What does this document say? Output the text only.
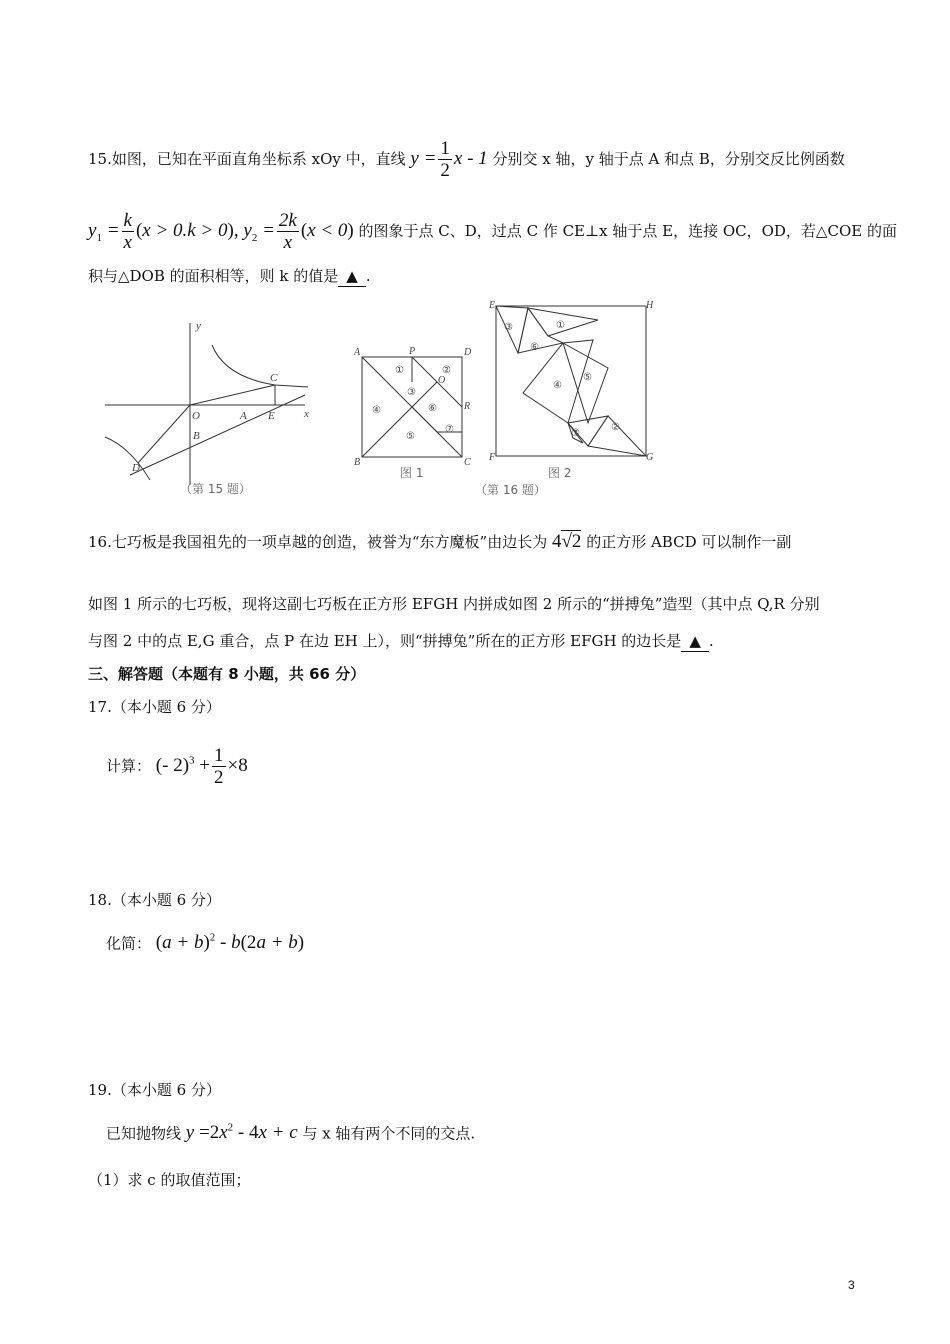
15.如图，已知在平面直角坐标系 xOy 中，直线 $y = \frac{1}{2}$ x - 1 分别交 x 轴，y 轴于点 A 和点 B，分别交反比例函数
$y_1 = \frac{k}{x} (x > 0.k > 0)$, $y_2 = \frac{2k}{x} (x < 0)$ 的图象于点 C、D，过点 C 作 CE⊥x 轴于点 E，连接 OC，OD，若△COE 的面
积与△DOB 的面积相等，则 k 的值是 ▲ .
y
x
O	A
B
C
D
E
（第 15 题）
A	P	D
O
R
B	C
①	②
③
④
⑤
⑥
⑦
图 1
E	H
F	G
①
③
⑥
④
⑤
⑦
②
图 2
（第 16 题）
16.七巧板是我国祖先的一项卓越的创造，被誉为“东方魔板”由边长为 4√2 的正方形 ABCD 可以制作一副
如图 1 所示的七巧板，现将这副七巧板在正方形 EFGH 内拼成如图 2 所示的“拼搏兔”造型（其中点 Q,R 分别
与图 2 中的点 E,G 重合，点 P 在边 EH 上），则“拼搏兔”所在的正方形 EFGH 的边长是 ▲ .
三、解答题（本题有 8 小题，共 66 分）
17.（本小题 6 分）
计算： (- $2)^3 + \frac{1}{2} \times 8$
18.（本小题 6 分）
化简： $(a + b)^2 - b(2a + b)$
19.（本小题 6 分）
已知抛物线 $y =2x^2 - 4x + c$ 与 x 轴有两个不同的交点.
（1）求 c 的取值范围；
3
